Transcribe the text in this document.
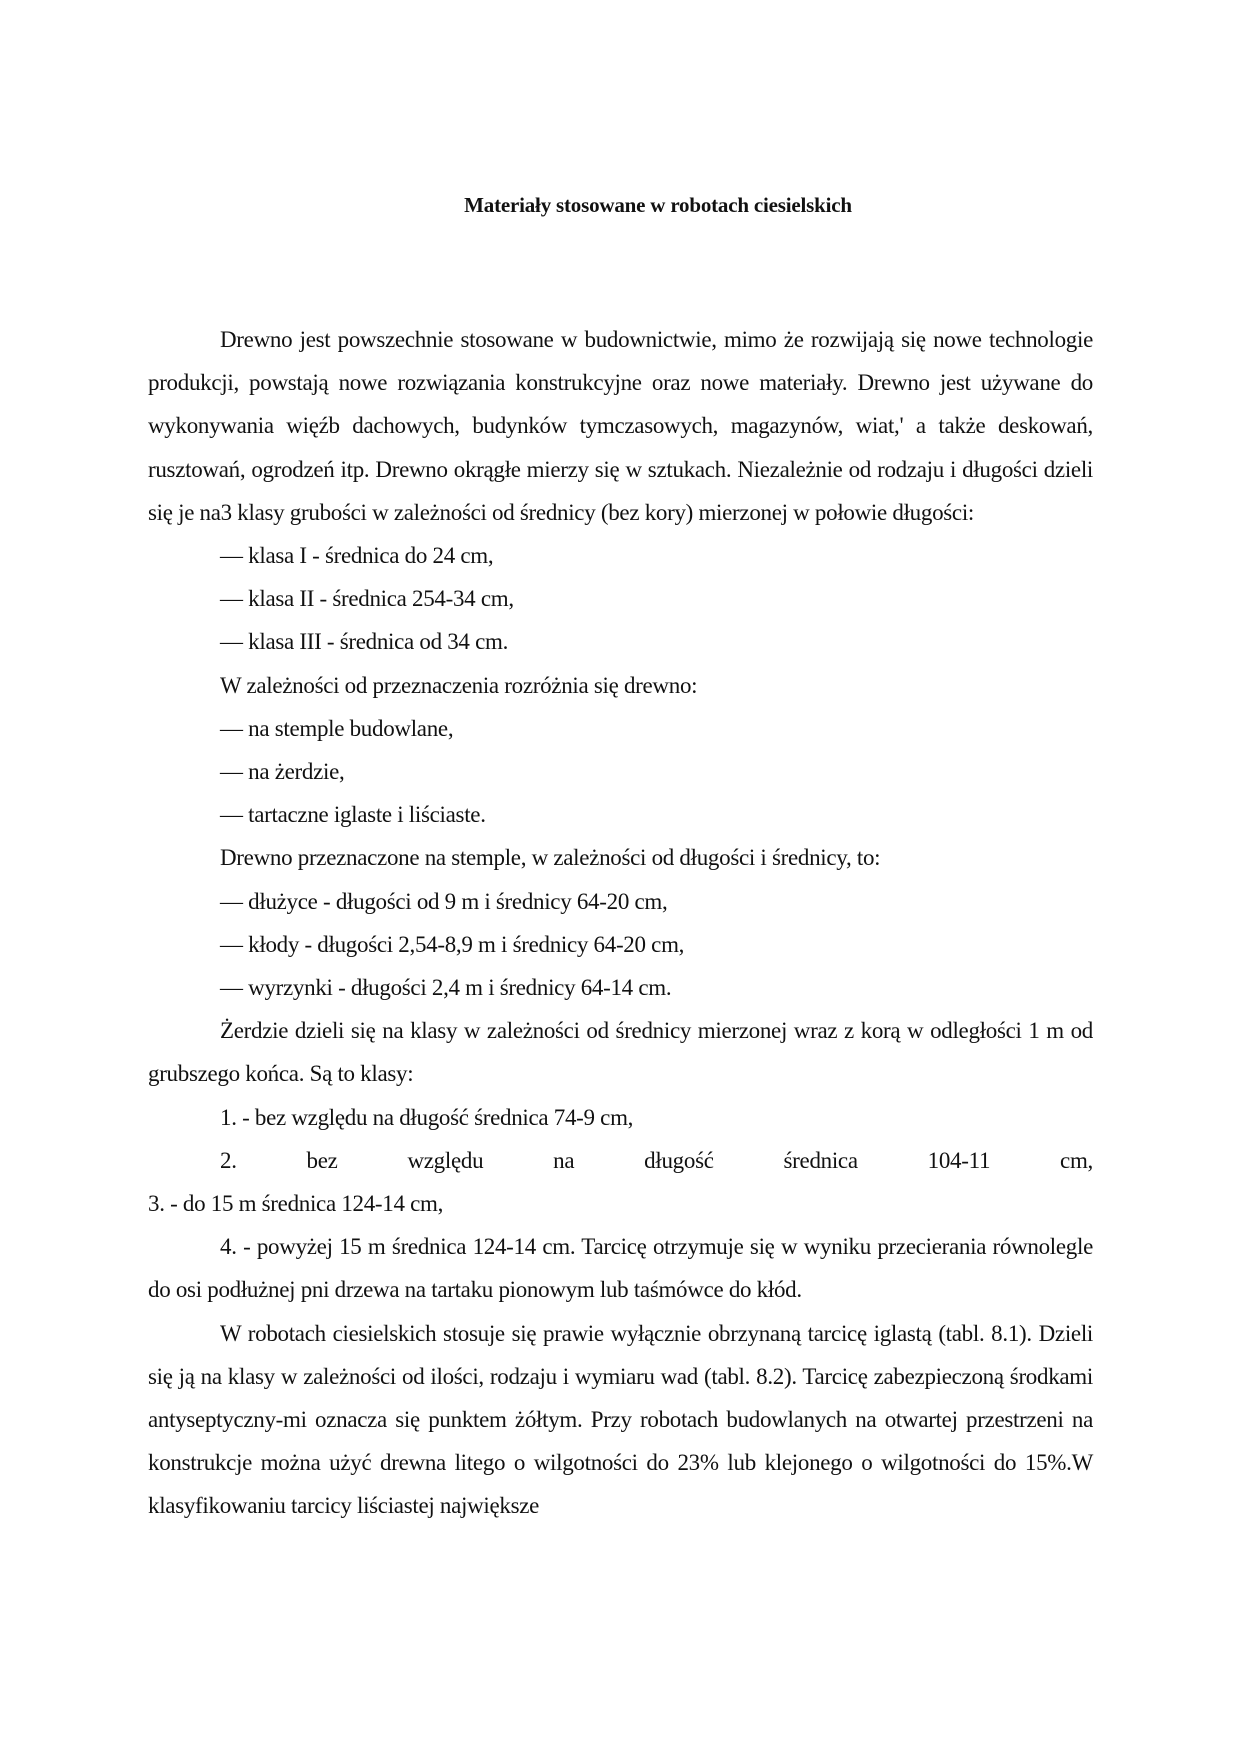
Materiały stosowane w robotach ciesielskich

Drewno jest powszechnie stosowane w budownictwie, mimo że rozwijają się nowe technologie produkcji, powstają nowe rozwiązania konstrukcyjne oraz nowe materiały. Drewno jest używane do wykonywania więźb dachowych, budynków tymczasowych, magazynów, wiat,' a także deskowań, rusztowań, ogrodzeń itp. Drewno okrągłe mierzy się w sztukach. Niezależnie od rodzaju i długości dzieli się je na3 klasy grubości w zależności od średnicy (bez kory) mierzonej w połowie długości:

— klasa I - średnica do 24 cm,

— klasa II - średnica 254-34 cm,

— klasa III - średnica od 34 cm.

W zależności od przeznaczenia rozróżnia się drewno:

— na stemple budowlane,

— na żerdzie,

— tartaczne iglaste i liściaste.

Drewno przeznaczone na stemple, w zależności od długości i średnicy, to:

— dłużyce - długości od 9 m i średnicy 64-20 cm,

— kłody - długości 2,54-8,9 m i średnicy 64-20 cm,

— wyrzynki - długości 2,4 m i średnicy 64-14 cm.

Żerdzie dzieli się na klasy w zależności od średnicy mierzonej wraz z korą w odległości 1 m od grubszego końca. Są to klasy:

1. - bez względu na długość średnica 74-9 cm,

2. bez względu na długość średnica 104-11 cm,

3. - do 15 m średnica 124-14 cm,

4. - powyżej 15 m średnica 124-14 cm. Tarcicę otrzymuje się w wyniku przecierania równolegle do osi podłużnej pni drzewa na tartaku pionowym lub taśmówce do kłód.

W robotach ciesielskich stosuje się prawie wyłącznie obrzynaną tarcicę iglastą (tabl. 8.1). Dzieli się ją na klasy w zależności od ilości, rodzaju i wymiaru wad (tabl. 8.2). Tarcicę zabezpieczoną środkami antyseptyczny-mi oznacza się punktem żółtym. Przy robotach budowlanych na otwartej przestrzeni na konstrukcje można użyć drewna litego o wilgotności do 23% lub klejonego o wilgotności do 15%.W klasyfikowaniu tarcicy liściastej największe
